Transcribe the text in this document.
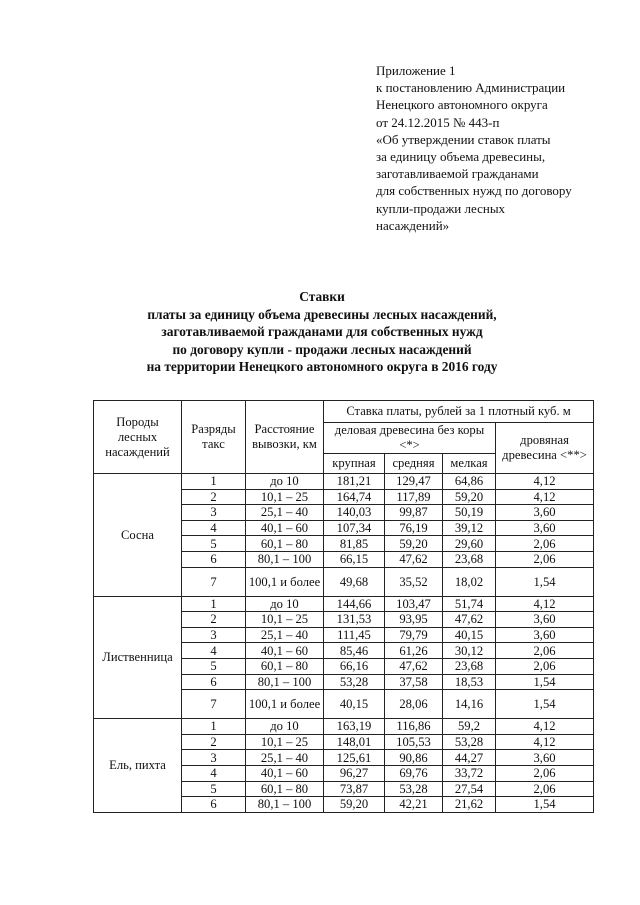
Приложение 1
к постановлению Администрации
Ненецкого автономного округа
от 24.12.2015 № 443-п
«Об утверждении ставок платы
за единицу объема древесины,
заготавливаемой гражданами
для собственных нужд по договору
купли-продажи лесных
насаждений»
Ставки
платы за единицу объема древесины лесных насаждений,
заготавливаемой гражданами для собственных нужд
по договору купли - продажи лесных насаждений
на территории Ненецкого автономного округа в 2016 году
Породы лесных насаждений	Разряды такс	Расстояние вывозки, км	Ставка платы, рублей за 1 плотный куб. м			
			деловая древесина без коры <*>			дровяная древесина <**>
			крупная	средняя	мелкая	
Сосна	1	до 10	181,21	129,47	64,86	4,12
	2	10,1 – 25	164,74	117,89	59,20	4,12
	3	25,1 – 40	140,03	99,87	50,19	3,60
	4	40,1 – 60	107,34	76,19	39,12	3,60
	5	60,1 – 80	81,85	59,20	29,60	2,06
	6	80,1 – 100	66,15	47,62	23,68	2,06
	7	100,1 и более	49,68	35,52	18,02	1,54
Лиственница	1	до 10	144,66	103,47	51,74	4,12
	2	10,1 – 25	131,53	93,95	47,62	3,60
	3	25,1 – 40	111,45	79,79	40,15	3,60
	4	40,1 – 60	85,46	61,26	30,12	2,06
	5	60,1 – 80	66,16	47,62	23,68	2,06
	6	80,1 – 100	53,28	37,58	18,53	1,54
	7	100,1 и более	40,15	28,06	14,16	1,54
Ель, пихта	1	до 10	163,19	116,86	59,2	4,12
	2	10,1 – 25	148,01	105,53	53,28	4,12
	3	25,1 – 40	125,61	90,86	44,27	3,60
	4	40,1 – 60	96,27	69,76	33,72	2,06
	5	60,1 – 80	73,87	53,28	27,54	2,06
	6	80,1 – 100	59,20	42,21	21,62	1,54
